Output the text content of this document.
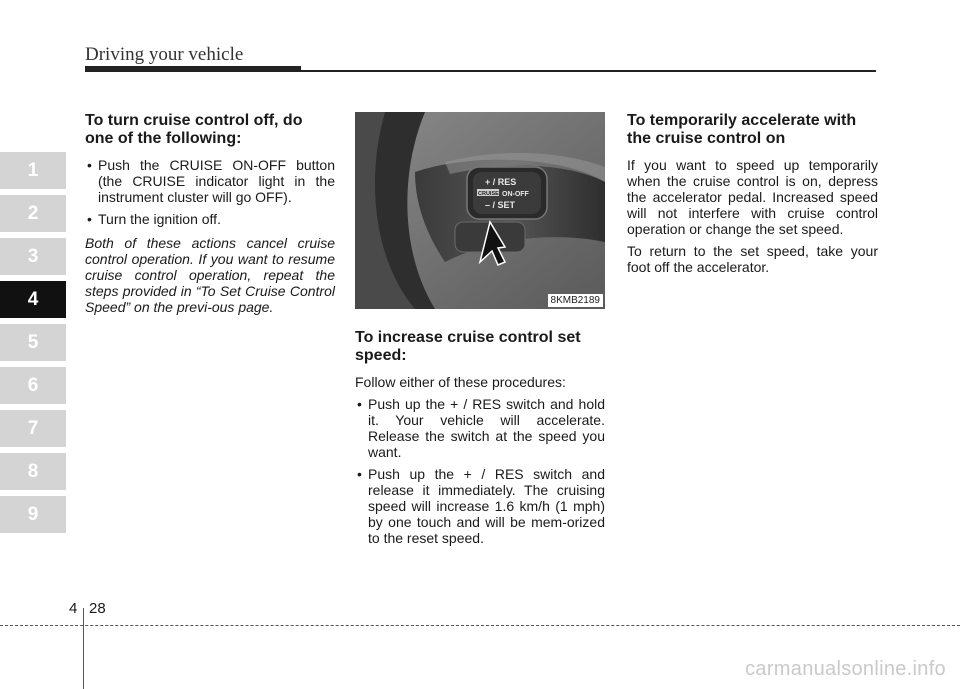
Driving your vehicle
1
2
3
4
5
6
7
8
9
To turn cruise control off, do one of the following:
• Push the CRUISE ON-OFF button (the CRUISE indicator light in the instrument cluster will go OFF).
• Turn the ignition off.

Both of these actions cancel cruise control operation. If you want to resume cruise control operation, repeat the steps provided in “To Set Cruise Control Speed” on the previ-ous page.

+ / RES
CRUISE ON-OFF
– / SET
8KMB2189
To increase cruise control set speed:

Follow either of these procedures:

• Push up the + / RES switch and hold it. Your vehicle will accelerate. Release the switch at the speed you want.
• Push up the + / RES switch and release it immediately. The cruising speed will increase 1.6 km/h (1 mph) by one touch and will be mem-orized to the reset speed.
To temporarily accelerate with the cruise control on

If you want to speed up temporarily when the cruise control is on, depress the accelerator pedal. Increased speed will not interfere with cruise control operation or change the set speed.

To return to the set speed, take your foot off the accelerator.

4 28
carmanualsonline.info
